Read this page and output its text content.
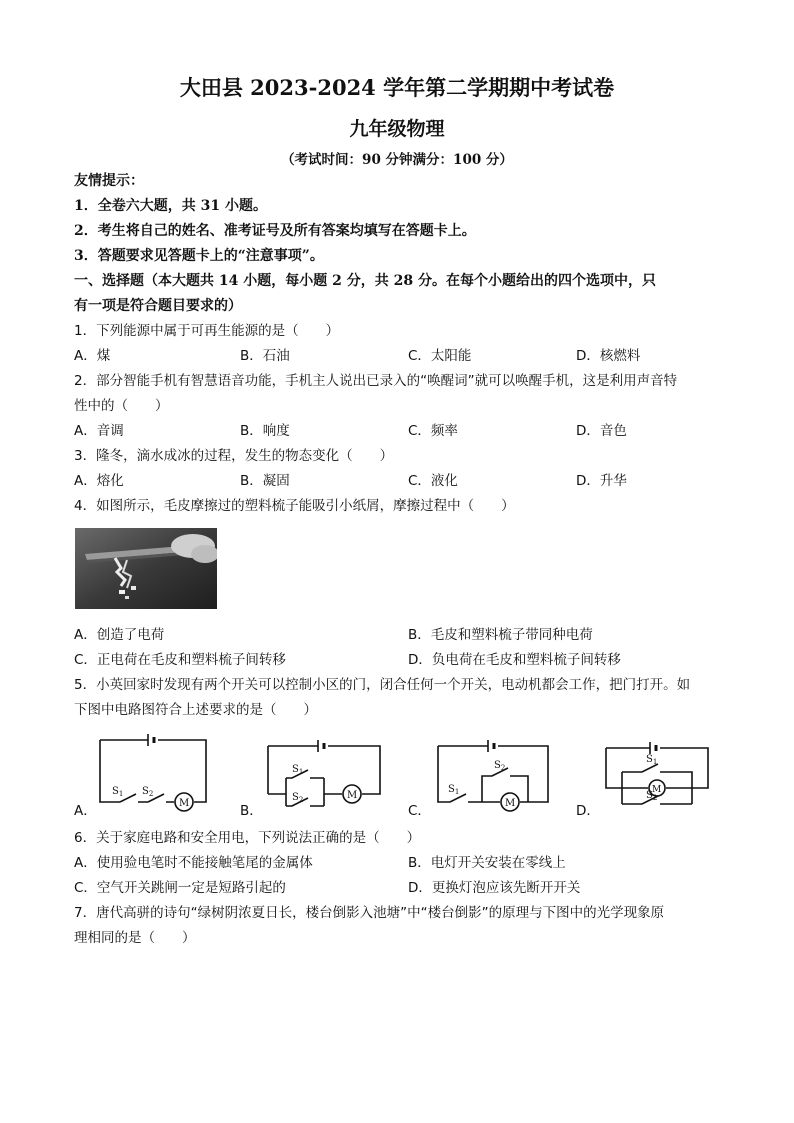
大田县 2023-2024 学年第二学期期中考试卷
九年级物理
（考试时间：90 分钟满分：100 分）
友情提示：
1．全卷六大题，共 31 小题。
2．考生将自己的姓名、准考证号及所有答案均填写在答题卡上。
3．答题要求见答题卡上的“注意事项”。
一、选择题（本大题共 14 小题，每小题 2 分，共 28 分。在每个小题给出的四个选项中，只
有一项是符合题目要求的）
1．下列能源中属于可再生能源的是（　　）
A．煤	B．石油	C．太阳能	D．核燃料
2．部分智能手机有智慧语音功能，手机主人说出已录入的“唤醒词”就可以唤醒手机，这是利用声音特
性中的（　　）
A．音调	B．响度	C．频率	D．音色
3．隆冬，滴水成冰的过程，发生的物态变化（　　）
A．熔化	B．凝固	C．液化	D．升华
4．如图所示，毛皮摩擦过的塑料梳子能吸引小纸屑，摩擦过程中（　　）
A．创造了电荷	B．毛皮和塑料梳子带同种电荷
C．正电荷在毛皮和塑料梳子间转移	D．负电荷在毛皮和塑料梳子间转移
5．小英回家时发现有两个开关可以控制小区的门，闭合任何一个开关，电动机都会工作，把门打开。如
下图中电路图符合上述要求的是（　　）
A．	B．	C．	D．
$S_1$ $S_2$
M
$S_1$
$S_2$	M
$S_1$
$S_2$
M
$S_1$
$S_2$
M
6．关于家庭电路和安全用电，下列说法正确的是（　　）
A．使用验电笔时不能接触笔尾的金属体	B．电灯开关安装在零线上
C．空气开关跳闸一定是短路引起的	D．更换灯泡应该先断开开关
7．唐代高骈的诗句“绿树阴浓夏日长，楼台倒影入池塘”中“楼台倒影”的原理与下图中的光学现象原
理相同的是（　　）
